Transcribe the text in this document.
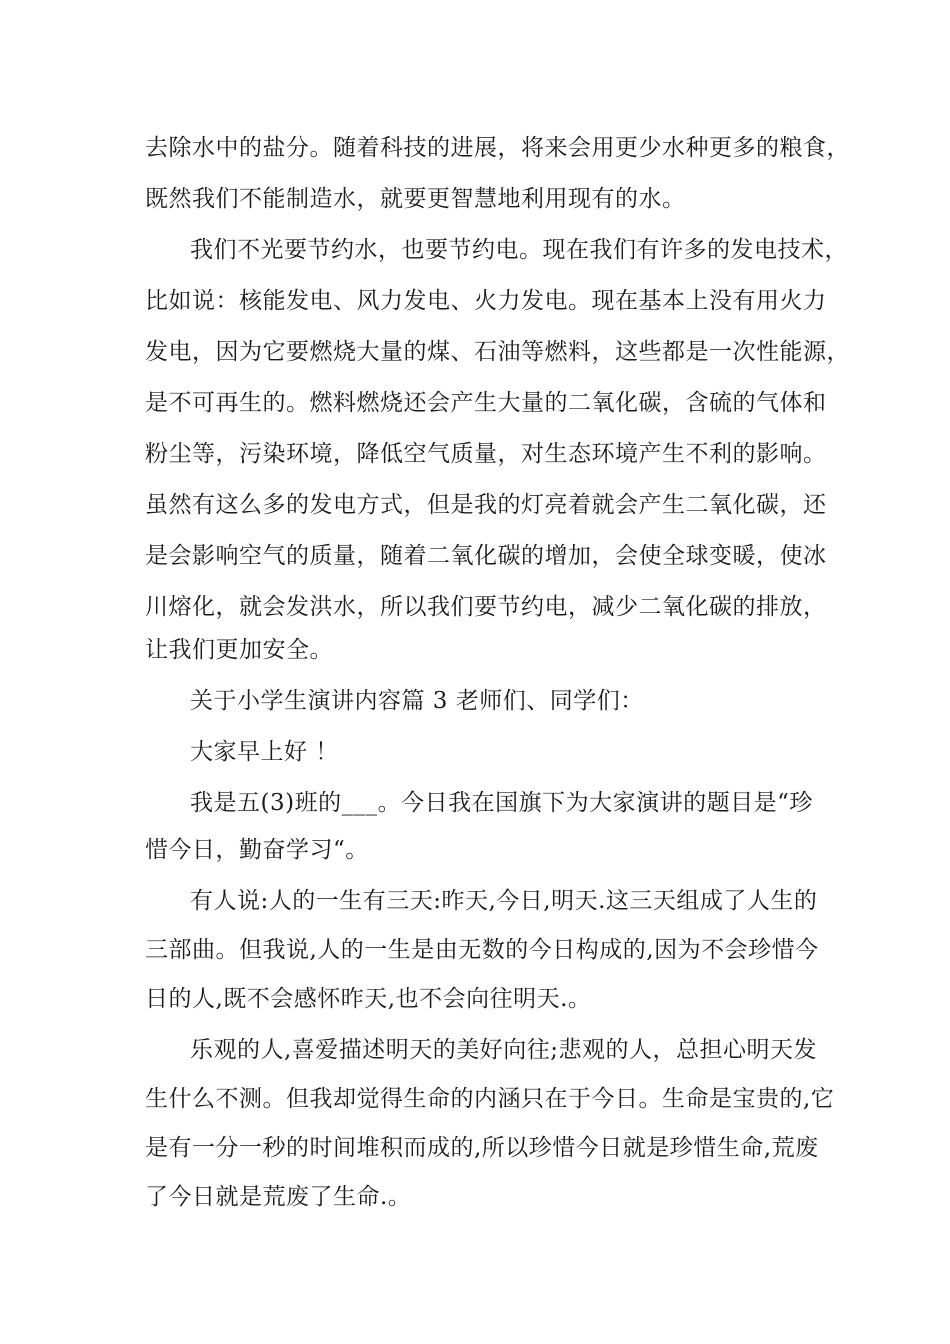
去除水中的盐分。随着科技的进展，将来会用更少水种更多的粮食，
既然我们不能制造水，就要更智慧地利用现有的水。
我们不光要节约水，也要节约电。现在我们有许多的发电技术，
比如说：核能发电、风力发电、火力发电。现在基本上没有用火力
发电，因为它要燃烧大量的煤、石油等燃料，这些都是一次性能源，
是不可再生的。燃料燃烧还会产生大量的二氧化碳，含硫的气体和
粉尘等，污染环境，降低空气质量，对生态环境产生不利的影响。
虽然有这么多的发电方式，但是我的灯亮着就会产生二氧化碳，还
是会影响空气的质量，随着二氧化碳的增加，会使全球变暖，使冰
川熔化，就会发洪水，所以我们要节约电，减少二氧化碳的排放，
让我们更加安全。
关于小学生演讲内容篇 3 老师们、同学们：
大家早上好 ！
我是五(3)班的___。今日我在国旗下为大家演讲的题目是“珍
惜今日，勤奋学习“。
有人说:人的一生有三天:昨天,今日,明天.这三天组成了人生的
三部曲。但我说,人的一生是由无数的今日构成的,因为不会珍惜今
日的人,既不会感怀昨天,也不会向往明天.。
乐观的人,喜爱描述明天的美好向往;悲观的人，总担心明天发
生什么不测。但我却觉得生命的内涵只在于今日。生命是宝贵的,它
是有一分一秒的时间堆积而成的,所以珍惜今日就是珍惜生命,荒废
了今日就是荒废了生命.。
